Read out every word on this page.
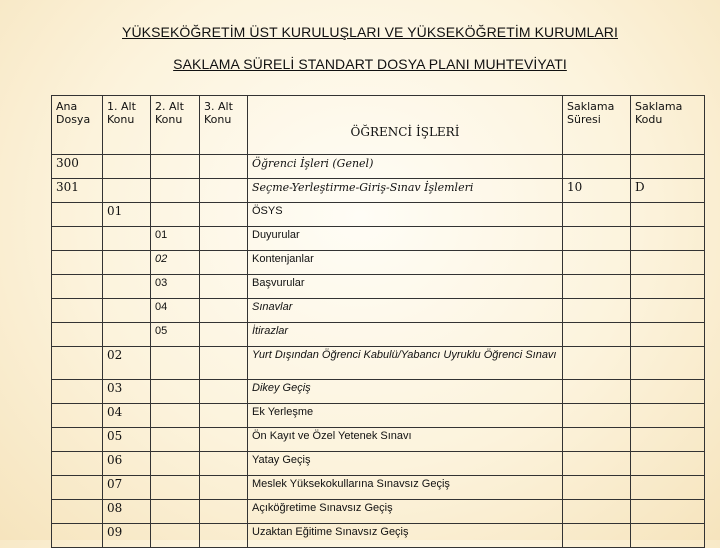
YÜKSEKÖĞRETİM ÜST KURULUŞLARI VE YÜKSEKÖĞRETİM KURUMLARI
SAKLAMA SÜRELİ STANDART DOSYA PLANI MUHTEVİYATI
Ana Dosya	1. Alt Konu	2. Alt Konu	3. Alt Konu	ÖĞRENCİ İŞLERİ	Saklama Süresi	Saklama Kodu
300				Öğrenci İşleri (Genel)		
301				Seçme-Yerleştirme-Giriş-Sınav İşlemleri	10	D
	01			ÖSYS		
		01		Duyurular		
		02		Kontenjanlar		
		03		Başvurular		
		04		Sınavlar		
		05		İtirazlar		
	02			Yurt Dışından Öğrenci Kabulü/Yabancı Uyruklu Öğrenci Sınavı		
	03			Dikey Geçiş		
	04			Ek Yerleşme		
	05			Ön Kayıt ve Özel Yetenek Sınavı		
	06			Yatay Geçiş		
	07			Meslek Yüksekokullarına Sınavsız Geçiş		
	08			Açıköğretime Sınavsız Geçiş		
	09			Uzaktan Eğitime Sınavsız Geçiş		
